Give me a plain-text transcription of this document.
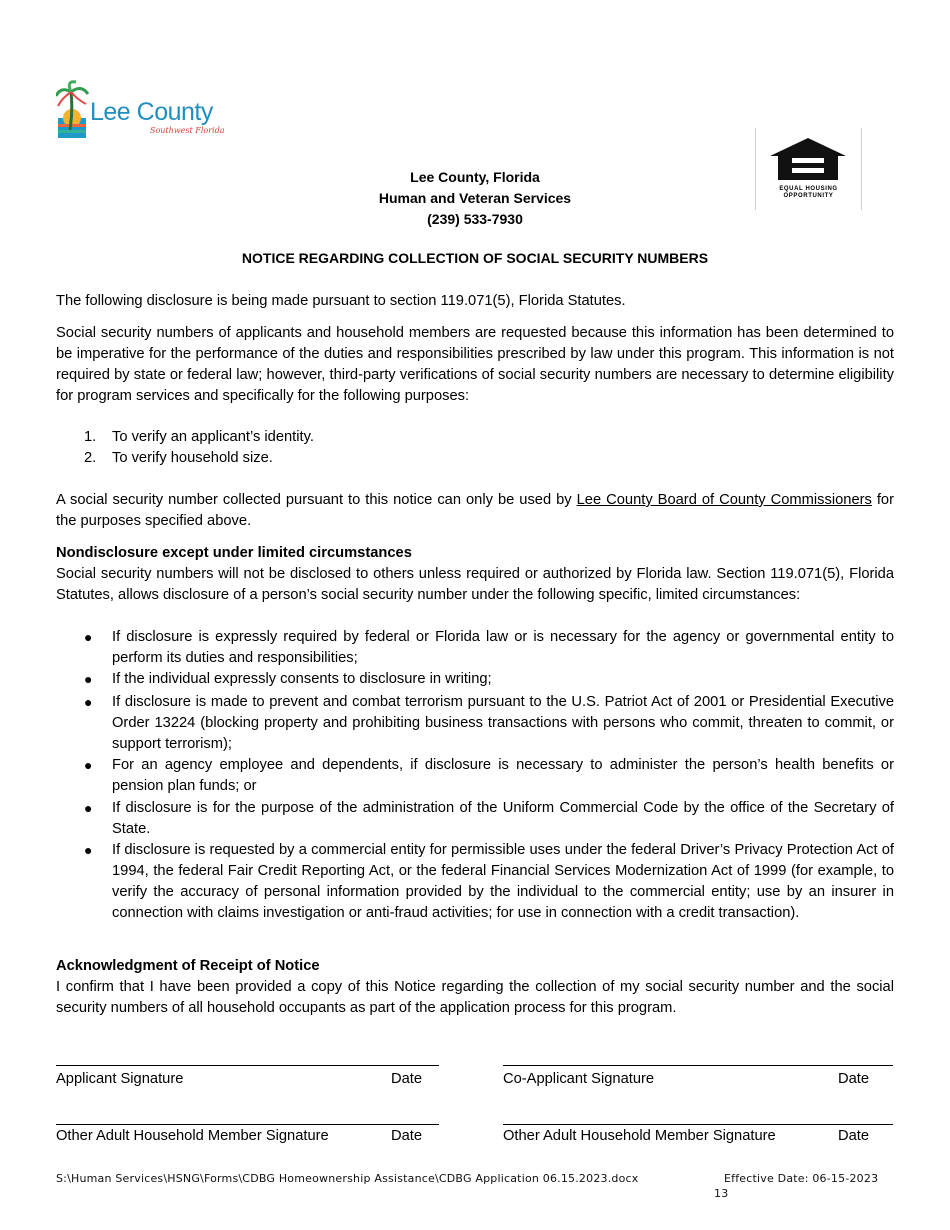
Lee County
Southwest Florida
EQUAL HOUSING
OPPORTUNITY
Lee County, Florida
Human and Veteran Services
(239) 533-7930
NOTICE REGARDING COLLECTION OF SOCIAL SECURITY NUMBERS
The following disclosure is being made pursuant to section 119.071(5), Florida Statutes.
Social security numbers of applicants and household members are requested because this information has been determined to be imperative for the performance of the duties and responsibilities prescribed by law under this program. This information is not required by state or federal law; however, third-party verifications of social security numbers are necessary to determine eligibility for program services and specifically for the following purposes:
1. To verify an applicant’s identity.
2. To verify household size.
A social security number collected pursuant to this notice can only be used by Lee County Board of County Commissioners for the purposes specified above.

Nondisclosure except under limited circumstances

Social security numbers will not be disclosed to others unless required or authorized by Florida law. Section 119.071(5), Florida Statutes, allows disclosure of a person’s social security number under the following specific, limited circumstances:

● If disclosure is expressly required by federal or Florida law or is necessary for the agency or governmental entity to perform its duties and responsibilities;
● If the individual expressly consents to disclosure in writing;
● If disclosure is made to prevent and combat terrorism pursuant to the U.S. Patriot Act of 2001 or Presidential Executive Order 13224 (blocking property and prohibiting business transactions with persons who commit, threaten to commit, or support terrorism);
● For an agency employee and dependents, if disclosure is necessary to administer the person’s health benefits or pension plan funds; or
● If disclosure is for the purpose of the administration of the Uniform Commercial Code by the office of the Secretary of State.
● If disclosure is requested by a commercial entity for permissible uses under the federal Driver’s Privacy Protection Act of 1994, the federal Fair Credit Reporting Act, or the federal Financial Services Modernization Act of 1999 (for example, to verify the accuracy of personal information provided by the individual to the commercial entity; use by an insurer in connection with claims investigation or anti-fraud activities; for use in connection with a credit transaction).

Acknowledgment of Receipt of Notice

I confirm that I have been provided a copy of this Notice regarding the collection of my social security number and the social security numbers of all household occupants as part of the application process for this program.

Applicant Signature	Date	Co-Applicant Signature	Date
Other Adult Household Member Signature	Date	Other Adult Household Member Signature	Date
S:\Human Services\HSNG\Forms\CDBG Homeownership Assistance\CDBG Application 06.15.2023.docx	Effective Date: 06-15-2023
13
